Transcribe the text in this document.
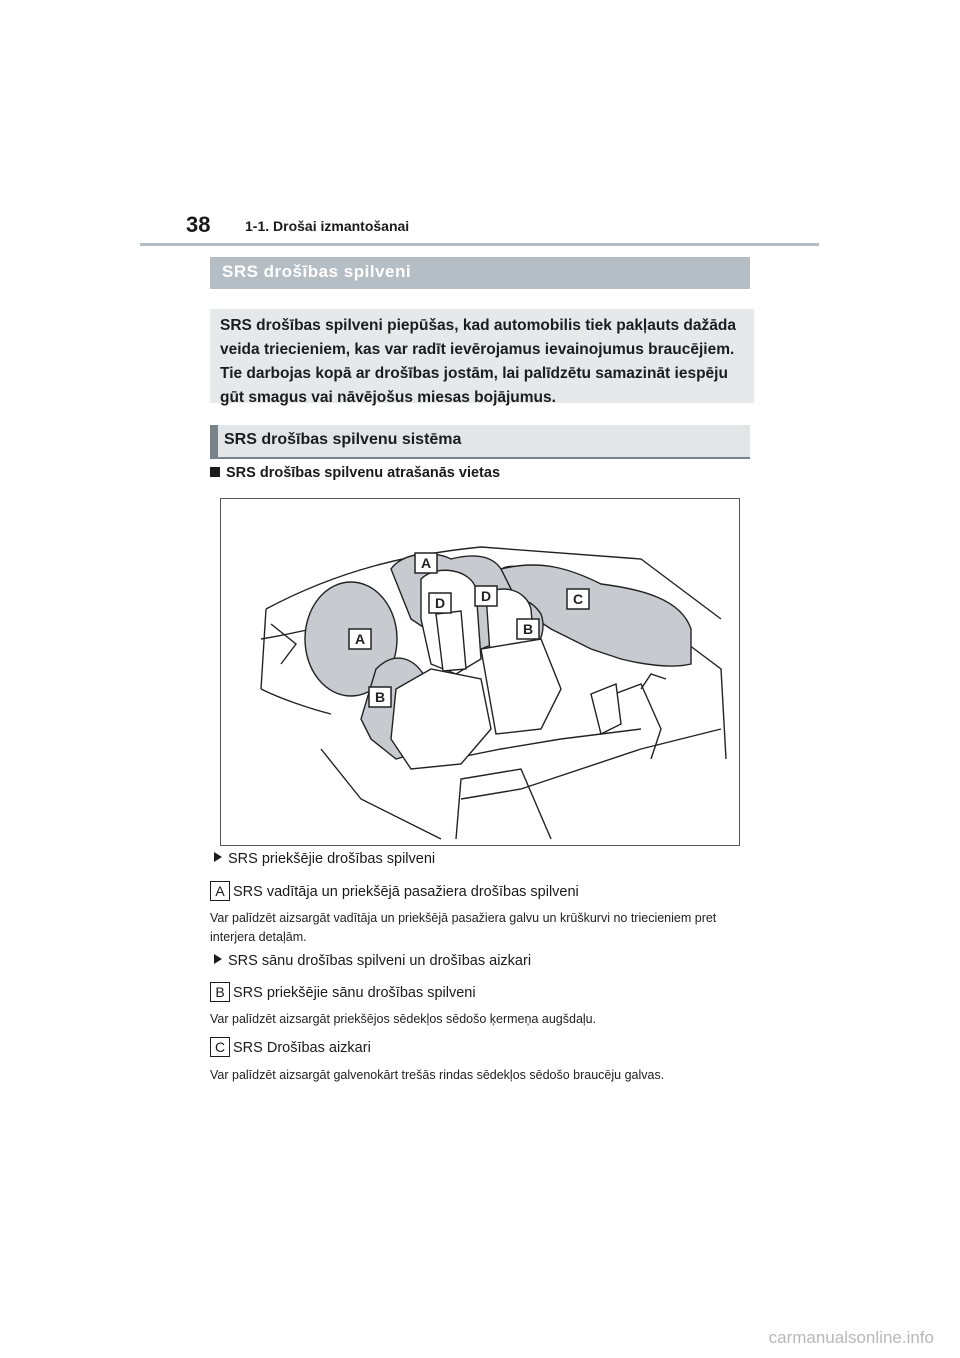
38 1-1. Drošai izmantošanai
SRS drošības spilveni

SRS drošības spilveni piepūšas, kad automobilis tiek pakļauts dažāda veida triecieniem, kas var radīt ievērojamus ievainojumus braucējiem. Tie darbojas kopā ar drošības jostām, lai palīdzētu samazināt iespēju gūt smagus vai nāvējošus miesas bojājumus.

SRS drošības spilvenu sistēma
SRS drošības spilvenu atrašanās vietas
A
D	D	C
A
B
B
SRS priekšējie drošības spilveni
A SRS vadītāja un priekšējā pasažiera drošības spilveni
Var palīdzēt aizsargāt vadītāja un priekšējā pasažiera galvu un krūškurvi no triecieniem pret interjera detaļām.
SRS sānu drošības spilveni un drošības aizkari
B SRS priekšējie sānu drošības spilveni
Var palīdzēt aizsargāt priekšējos sēdekļos sēdošo ķermeņa augšdaļu.
C SRS Drošības aizkari
Var palīdzēt aizsargāt galvenokārt trešās rindas sēdekļos sēdošo braucēju galvas.
carmanualsonline.info
